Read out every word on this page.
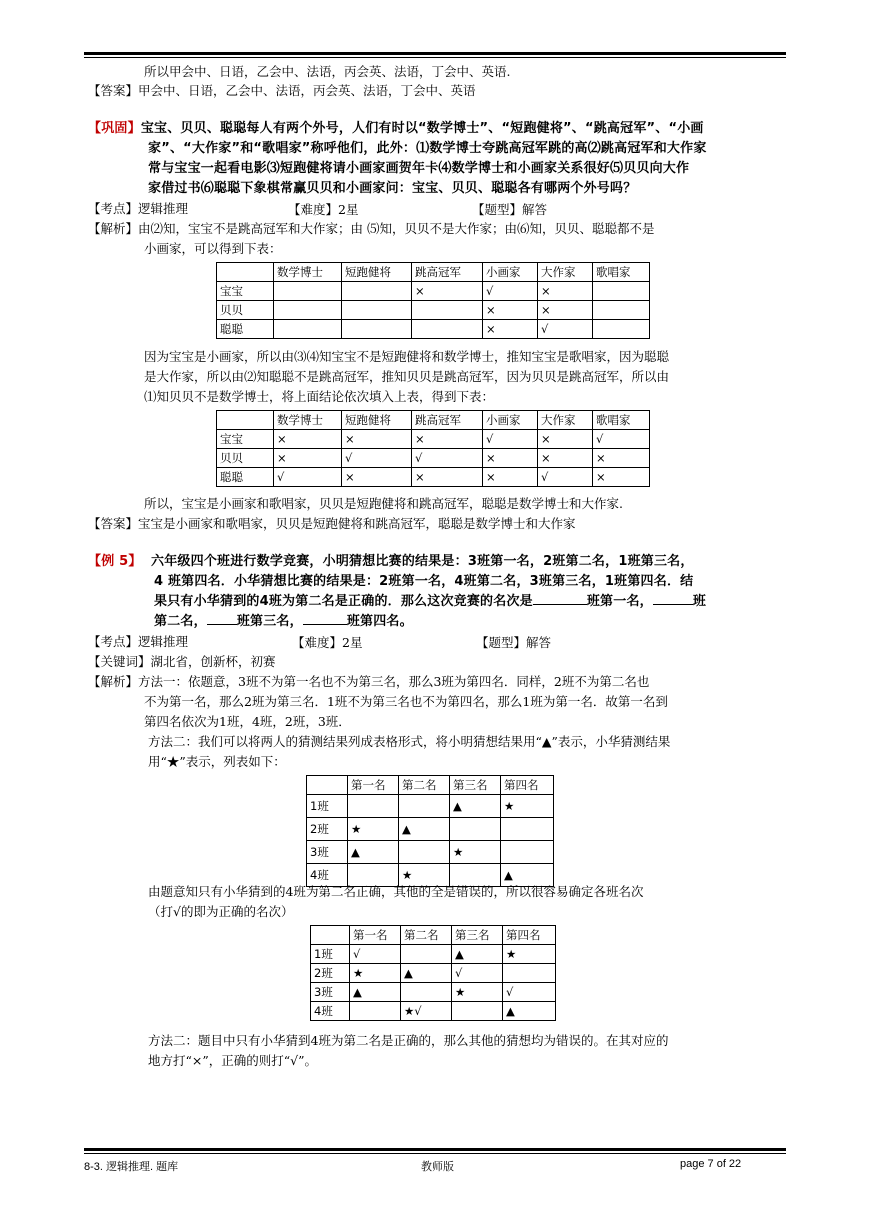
所以甲会中、日语，乙会中、法语，丙会英、法语，丁会中、英语.
【答案】甲会中、日语，乙会中、法语，丙会英、法语，丁会中、英语
【巩固】宝宝、贝贝、聪聪每人有两个外号，人们有时以“数学博士”、“短跑健将”、“跳高冠军”、“小画
家”、“大作家”和“歌唱家”称呼他们，此外：⑴数学博士夸跳高冠军跳的高⑵跳高冠军和大作家
常与宝宝一起看电影⑶短跑健将请小画家画贺年卡⑷数学博士和小画家关系很好⑸贝贝向大作
家借过书⑹聪聪下象棋常赢贝贝和小画家问：宝宝、贝贝、聪聪各有哪两个外号吗？
【考点】逻辑推理	【难度】2星	【题型】解答
【解析】由⑵知，宝宝不是跳高冠军和大作家；由 ⑸知，贝贝不是大作家；由⑹知，贝贝、聪聪都不是
小画家，可以得到下表：
	数学博士	短跑健将	跳高冠军	小画家	大作家	歌唱家
宝宝			×	√	×	
贝贝				×	×	
聪聪				×	√	
因为宝宝是小画家，所以由⑶⑷知宝宝不是短跑健将和数学博士，推知宝宝是歌唱家，因为聪聪
是大作家，所以由⑵知聪聪不是跳高冠军，推知贝贝是跳高冠军，因为贝贝是跳高冠军，所以由
⑴知贝贝不是数学博士，将上面结论依次填入上表，得到下表：
	数学博士	短跑健将	跳高冠军	小画家	大作家	歌唱家
宝宝	×	×	×	√	×	√
贝贝	×	√	√	×	×	×
聪聪	√	×	×	×	√	×
所以，宝宝是小画家和歌唱家，贝贝是短跑健将和跳高冠军，聪聪是数学博士和大作家.
【答案】宝宝是小画家和歌唱家，贝贝是短跑健将和跳高冠军，聪聪是数学博士和大作家
【例 5】 六年级四个班进行数学竞赛，小明猜想比赛的结果是：3班第一名，2班第二名，1班第三名，
4 班第四名．小华猜想比赛的结果是：2班第一名，4班第二名，3班第三名，1班第四名．结
果只有小华猜到的4班为第二名是正确的．那么这次竞赛的名次是	班第一名，	班
第二名， 班第三名，	班第四名。
【考点】逻辑推理	【难度】2星	【题型】解答
【关键词】湖北省，创新杯，初赛
【解析】方法一：依题意，3班不为第一名也不为第三名，那么3班为第四名．同样，2班不为第二名也
不为第一名，那么2班为第三名．1班不为第三名也不为第四名，那么1班为第一名．故第一名到
第四名依次为1班，4班，2班，3班．
方法二：我们可以将两人的猜测结果列成表格形式，将小明猜想结果用“▲”表示，小华猜测结果
用“★”表示，列表如下：
	第一名	第二名	第三名	第四名
1班			▲	★
2班	★	▲		
3班	▲		★	
4班		★		▲
由题意知只有小华猜到的4班为第二名正确，其他的全是错误的，所以很容易确定各班名次
（打√的即为正确的名次）
	第一名	第二名	第三名	第四名
1班	√		▲	★
2班	★	▲	√	
3班	▲		★	√
4班		★√		▲
方法二：题目中只有小华猜到4班为第二名是正确的，那么其他的猜想均为错误的。在其对应的
地方打“×”，正确的则打“√”。
8-3. 逻辑推理. 题库	教师版	page 7 of 22
